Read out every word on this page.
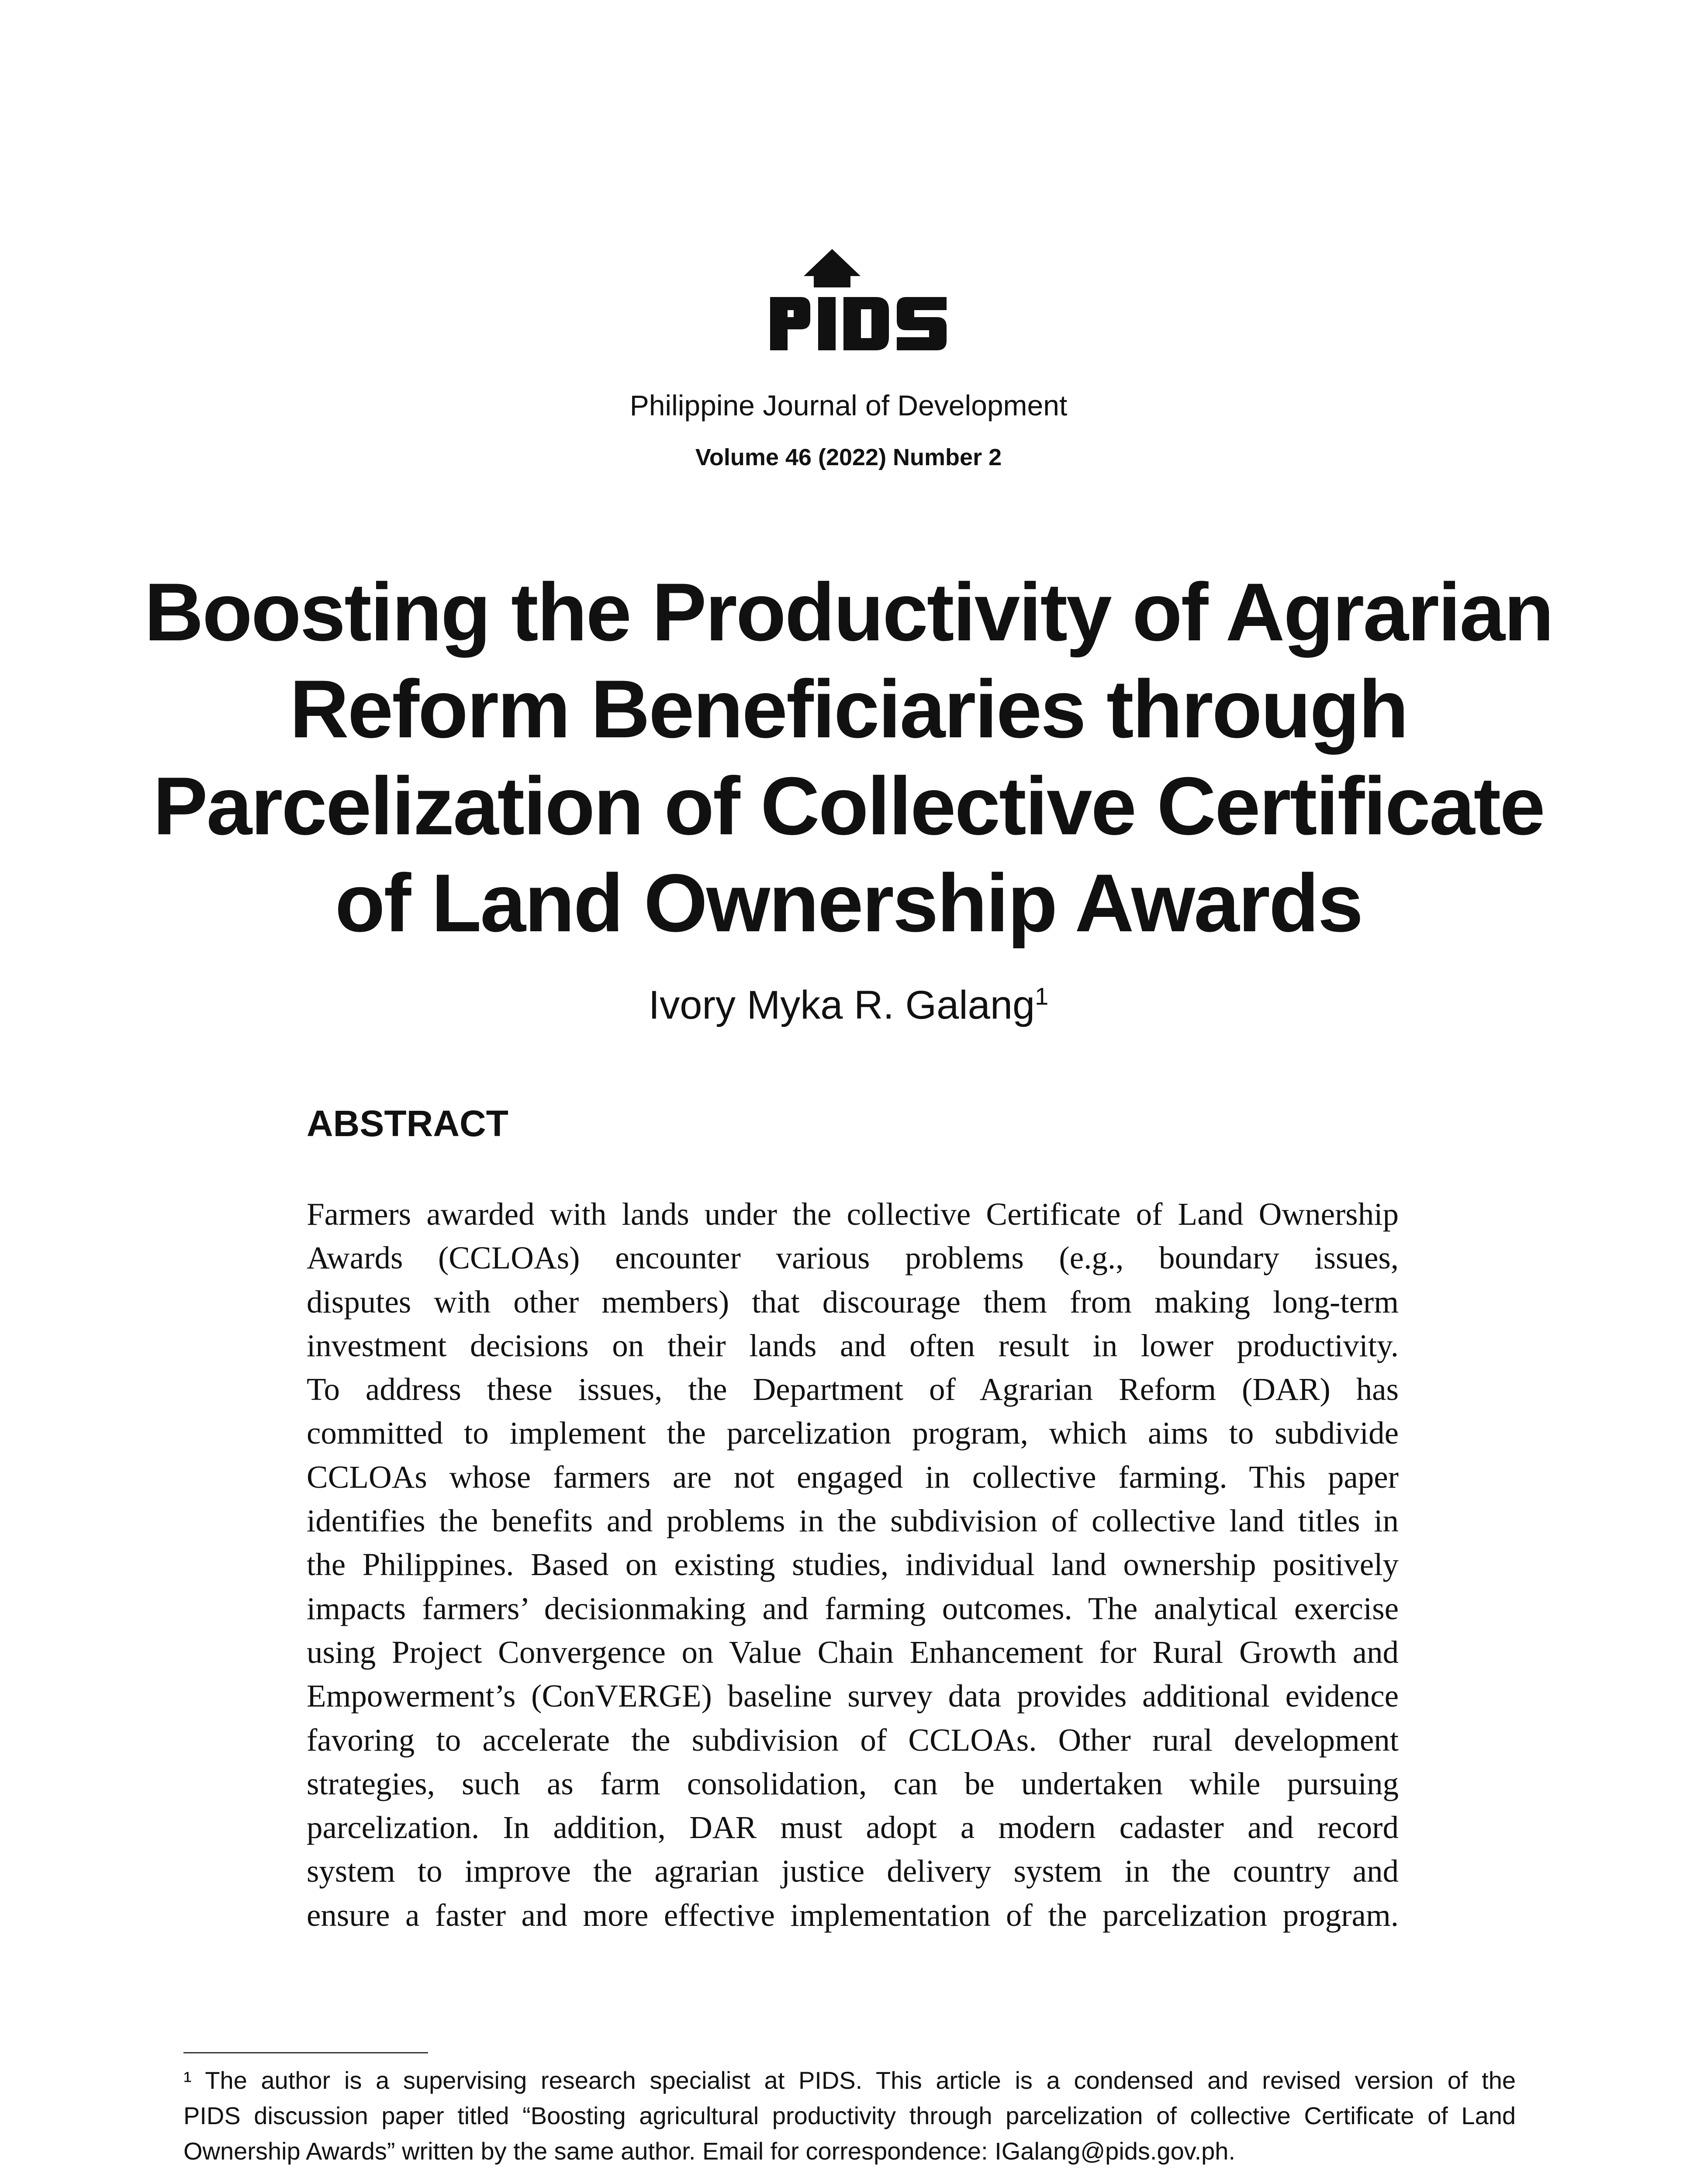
Philippine Journal of Development

Volume 46 (2022) Number 2

Boosting the Productivity of Agrarian
Reform Beneficiaries through
Parcelization of Collective Certificate
of Land Ownership Awards

Ivory Myka R. Galang$^1$

ABSTRACT
Farmers awarded with lands under the collective Certificate of Land Ownership
Awards (CCLOAs) encounter various problems (e.g., boundary issues,
disputes with other members) that discourage them from making long-term
investment decisions on their lands and often result in lower productivity.
To address these issues, the Department of Agrarian Reform (DAR) has
committed to implement the parcelization program, which aims to subdivide
CCLOAs whose farmers are not engaged in collective farming. This paper
identifies the benefits and problems in the subdivision of collective land titles in
the Philippines. Based on existing studies, individual land ownership positively
impacts farmers’ decisionmaking and farming outcomes. The analytical exercise
using Project Convergence on Value Chain Enhancement for Rural Growth and
Empowerment’s (ConVERGE) baseline survey data provides additional evidence
favoring to accelerate the subdivision of CCLOAs. Other rural development
strategies, such as farm consolidation, can be undertaken while pursuing
parcelization. In addition, DAR must adopt a modern cadaster and record
system to improve the agrarian justice delivery system in the country and
ensure a faster and more effective implementation of the parcelization program.
¹ The author is a supervising research specialist at PIDS. This article is a condensed and revised version of the
PIDS discussion paper titled “Boosting agricultural productivity through parcelization of collective Certificate of Land
Ownership Awards” written by the same author. Email for correspondence: IGalang@pids.gov.ph.
